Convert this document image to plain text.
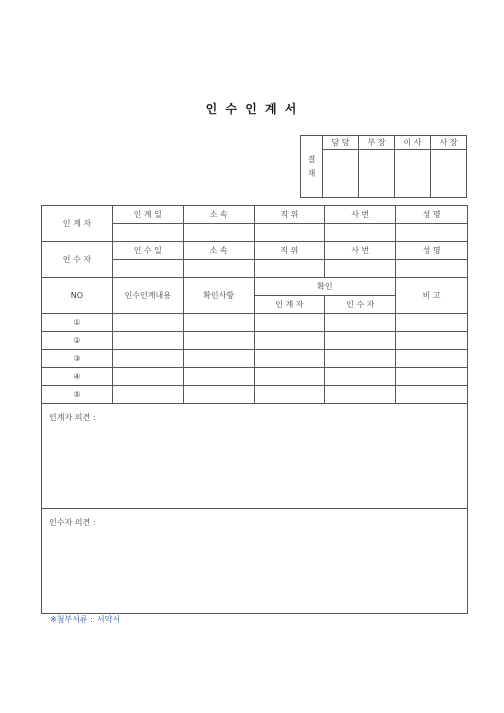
인 수 인 계 서
결
재	담 당	부 장	이 사	사 장

인 계 자	인 계 일	소 속	직 위	사 번	성 명

인 수 자	인 수 일	소 속	직 위	사 번	성 명

NO	인수인계내용	확인사항	확인		비 고
			인 계 자	인 수 자	
①					
②					
③					
④					
⑤					
인계자 의견 :					
인수자 의견 :					
※첨부서류 : 서약서
